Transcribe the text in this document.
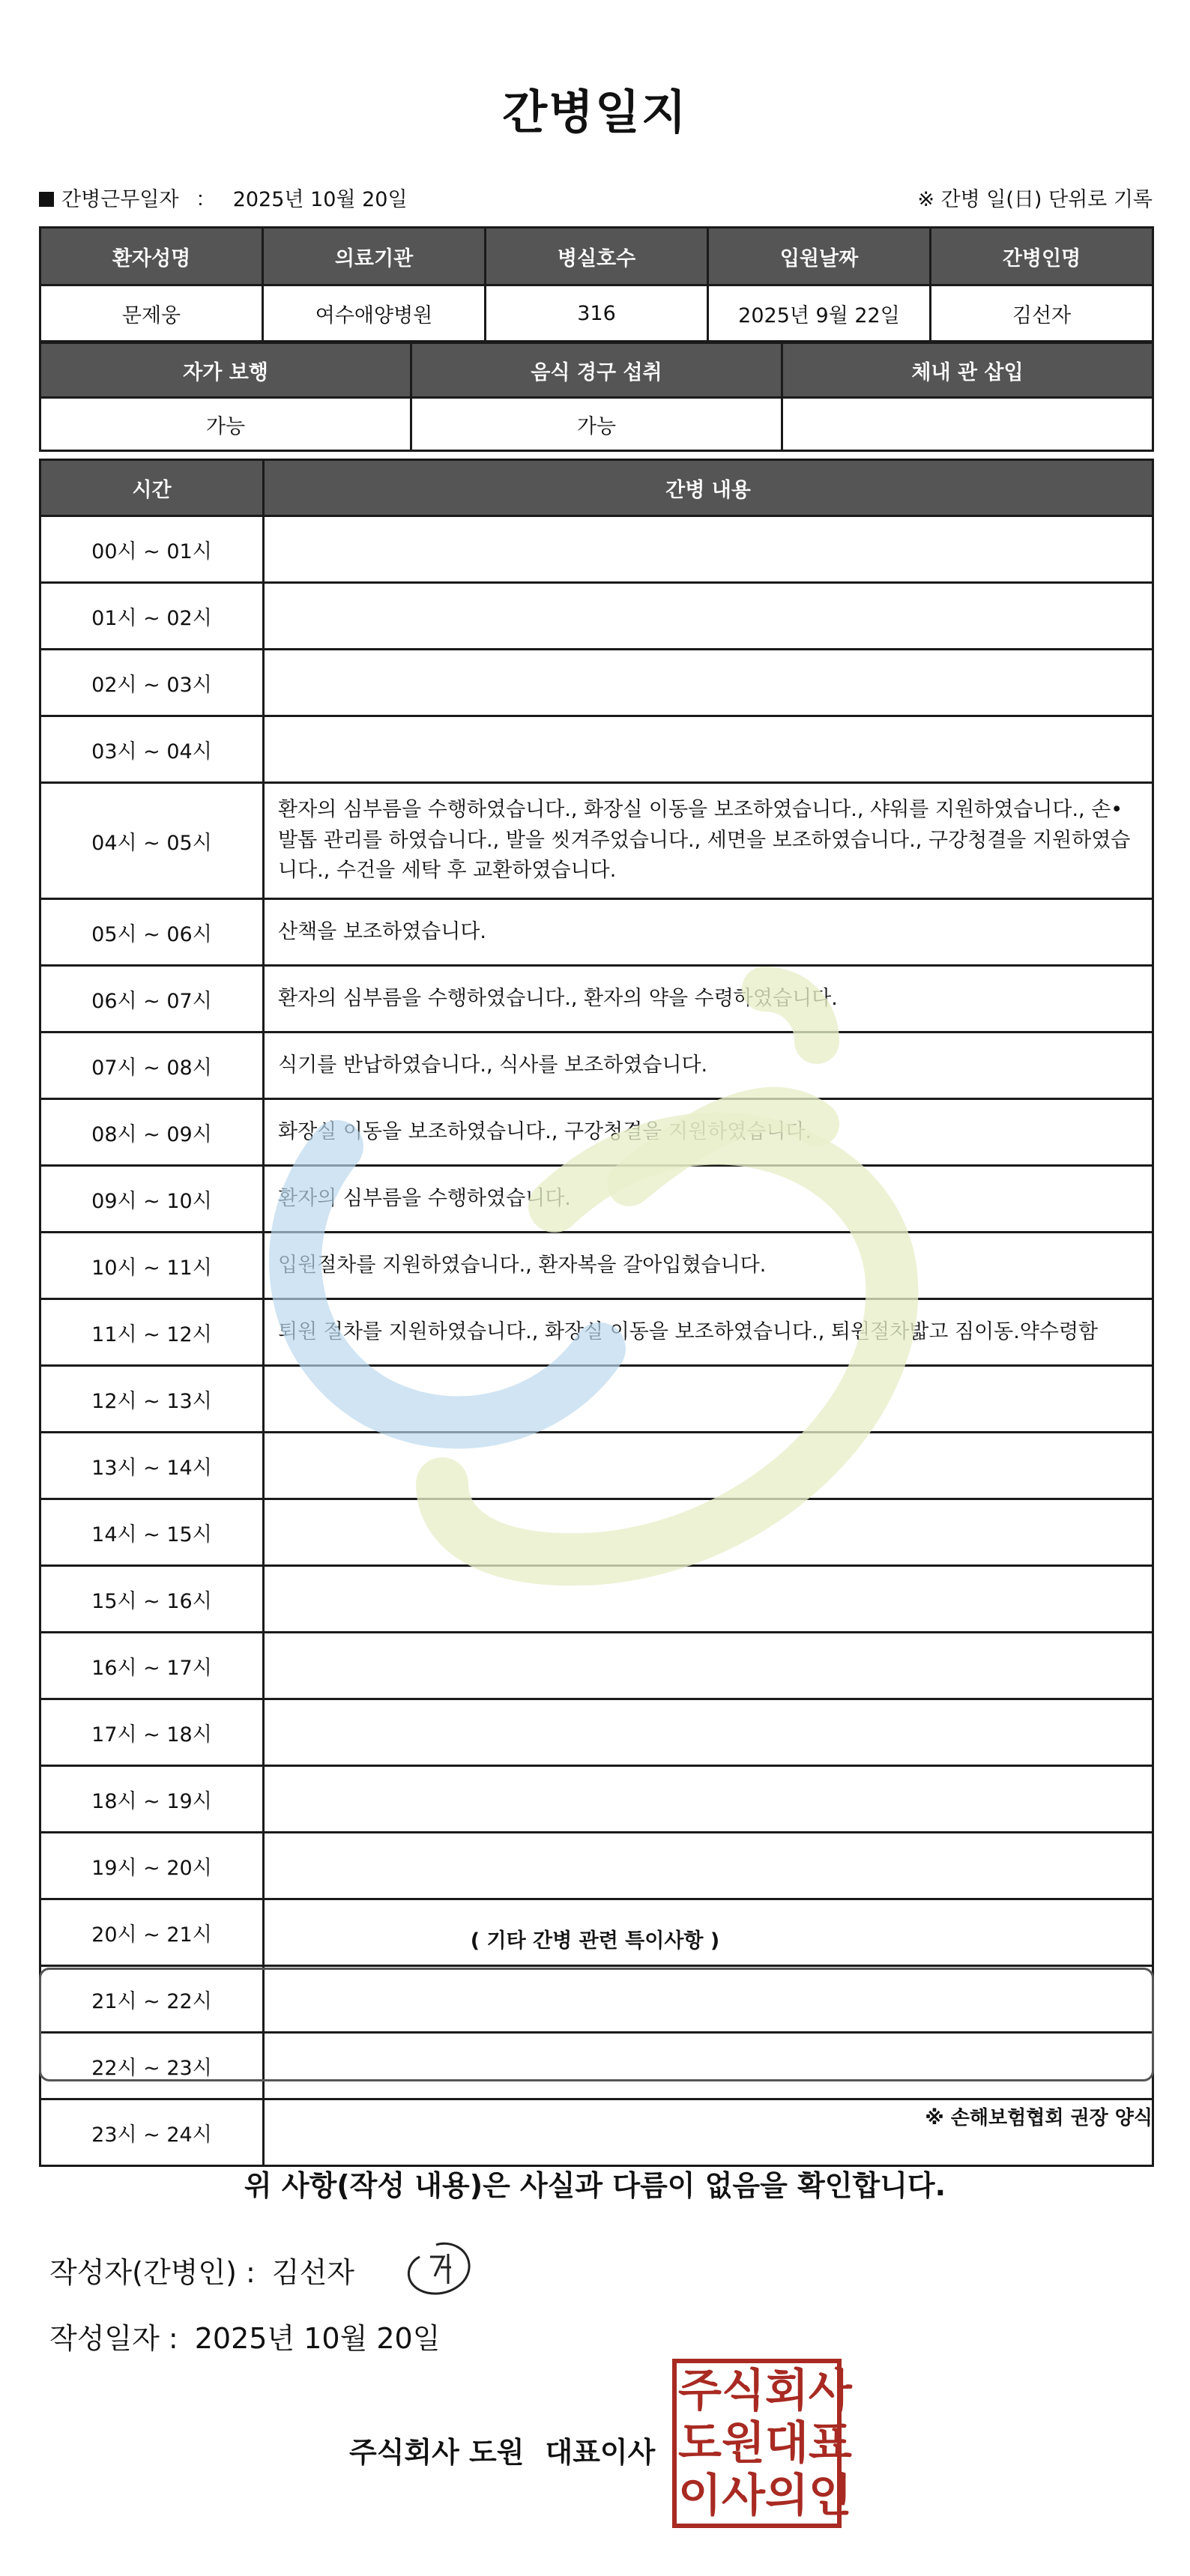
간병일지
간병근무일자 ： 2025년 10월 20일	※ 간병 일(日) 단위로 기록
환자성명	의료기관	병실호수	입원날짜	간병인명
문제웅	여수애양병원	316	2025년 9월 22일	김선자
자가 보행	음식 경구 섭취	체내 관 삽입
가능	가능	
시간	간병 내용
00시 ~ 01시	
01시 ~ 02시	
02시 ~ 03시	
03시 ~ 04시	
04시 ~ 05시	환자의 심부름을 수행하였습니다., 화장실 이동을 보조하였습니다., 샤워를 지원하였습니다., 손•발톱 관리를 하였습니다., 발을 씻겨주었습니다., 세면을 보조하였습니다., 구강청결을 지원하였습니다., 수건을 세탁 후 교환하였습니다.
05시 ~ 06시	산책을 보조하였습니다.
06시 ~ 07시	환자의 심부름을 수행하였습니다., 환자의 약을 수령하였습니다.
07시 ~ 08시	식기를 반납하였습니다., 식사를 보조하였습니다.
08시 ~ 09시	화장실 이동을 보조하였습니다., 구강청결을 지원하였습니다.
09시 ~ 10시	환자의 심부름을 수행하였습니다.
10시 ~ 11시	입원절차를 지원하였습니다., 환자복을 갈아입혔습니다.
11시 ~ 12시	퇴원 절차를 지원하였습니다., 화장실 이동을 보조하였습니다., 퇴원절차밟고 짐이동.약수령함
12시 ~ 13시	
13시 ~ 14시	
14시 ~ 15시	
15시 ~ 16시	
16시 ~ 17시	
17시 ~ 18시	
18시 ~ 19시	
19시 ~ 20시	
20시 ~ 21시	
21시 ~ 22시	
22시 ~ 23시	
23시 ~ 24시	
( 기타 간병 관련 특이사항 )
※ 손해보험협회 권장 양식
위 사항(작성 내용)은 사실과 다름이 없음을 확인합니다.
작성자(간병인) : 김선자
작성일자 : 2025년 10월 20일
주식회사 도원 대표이사
주 식 회 사
도 원 대 표
이 사 의 인
